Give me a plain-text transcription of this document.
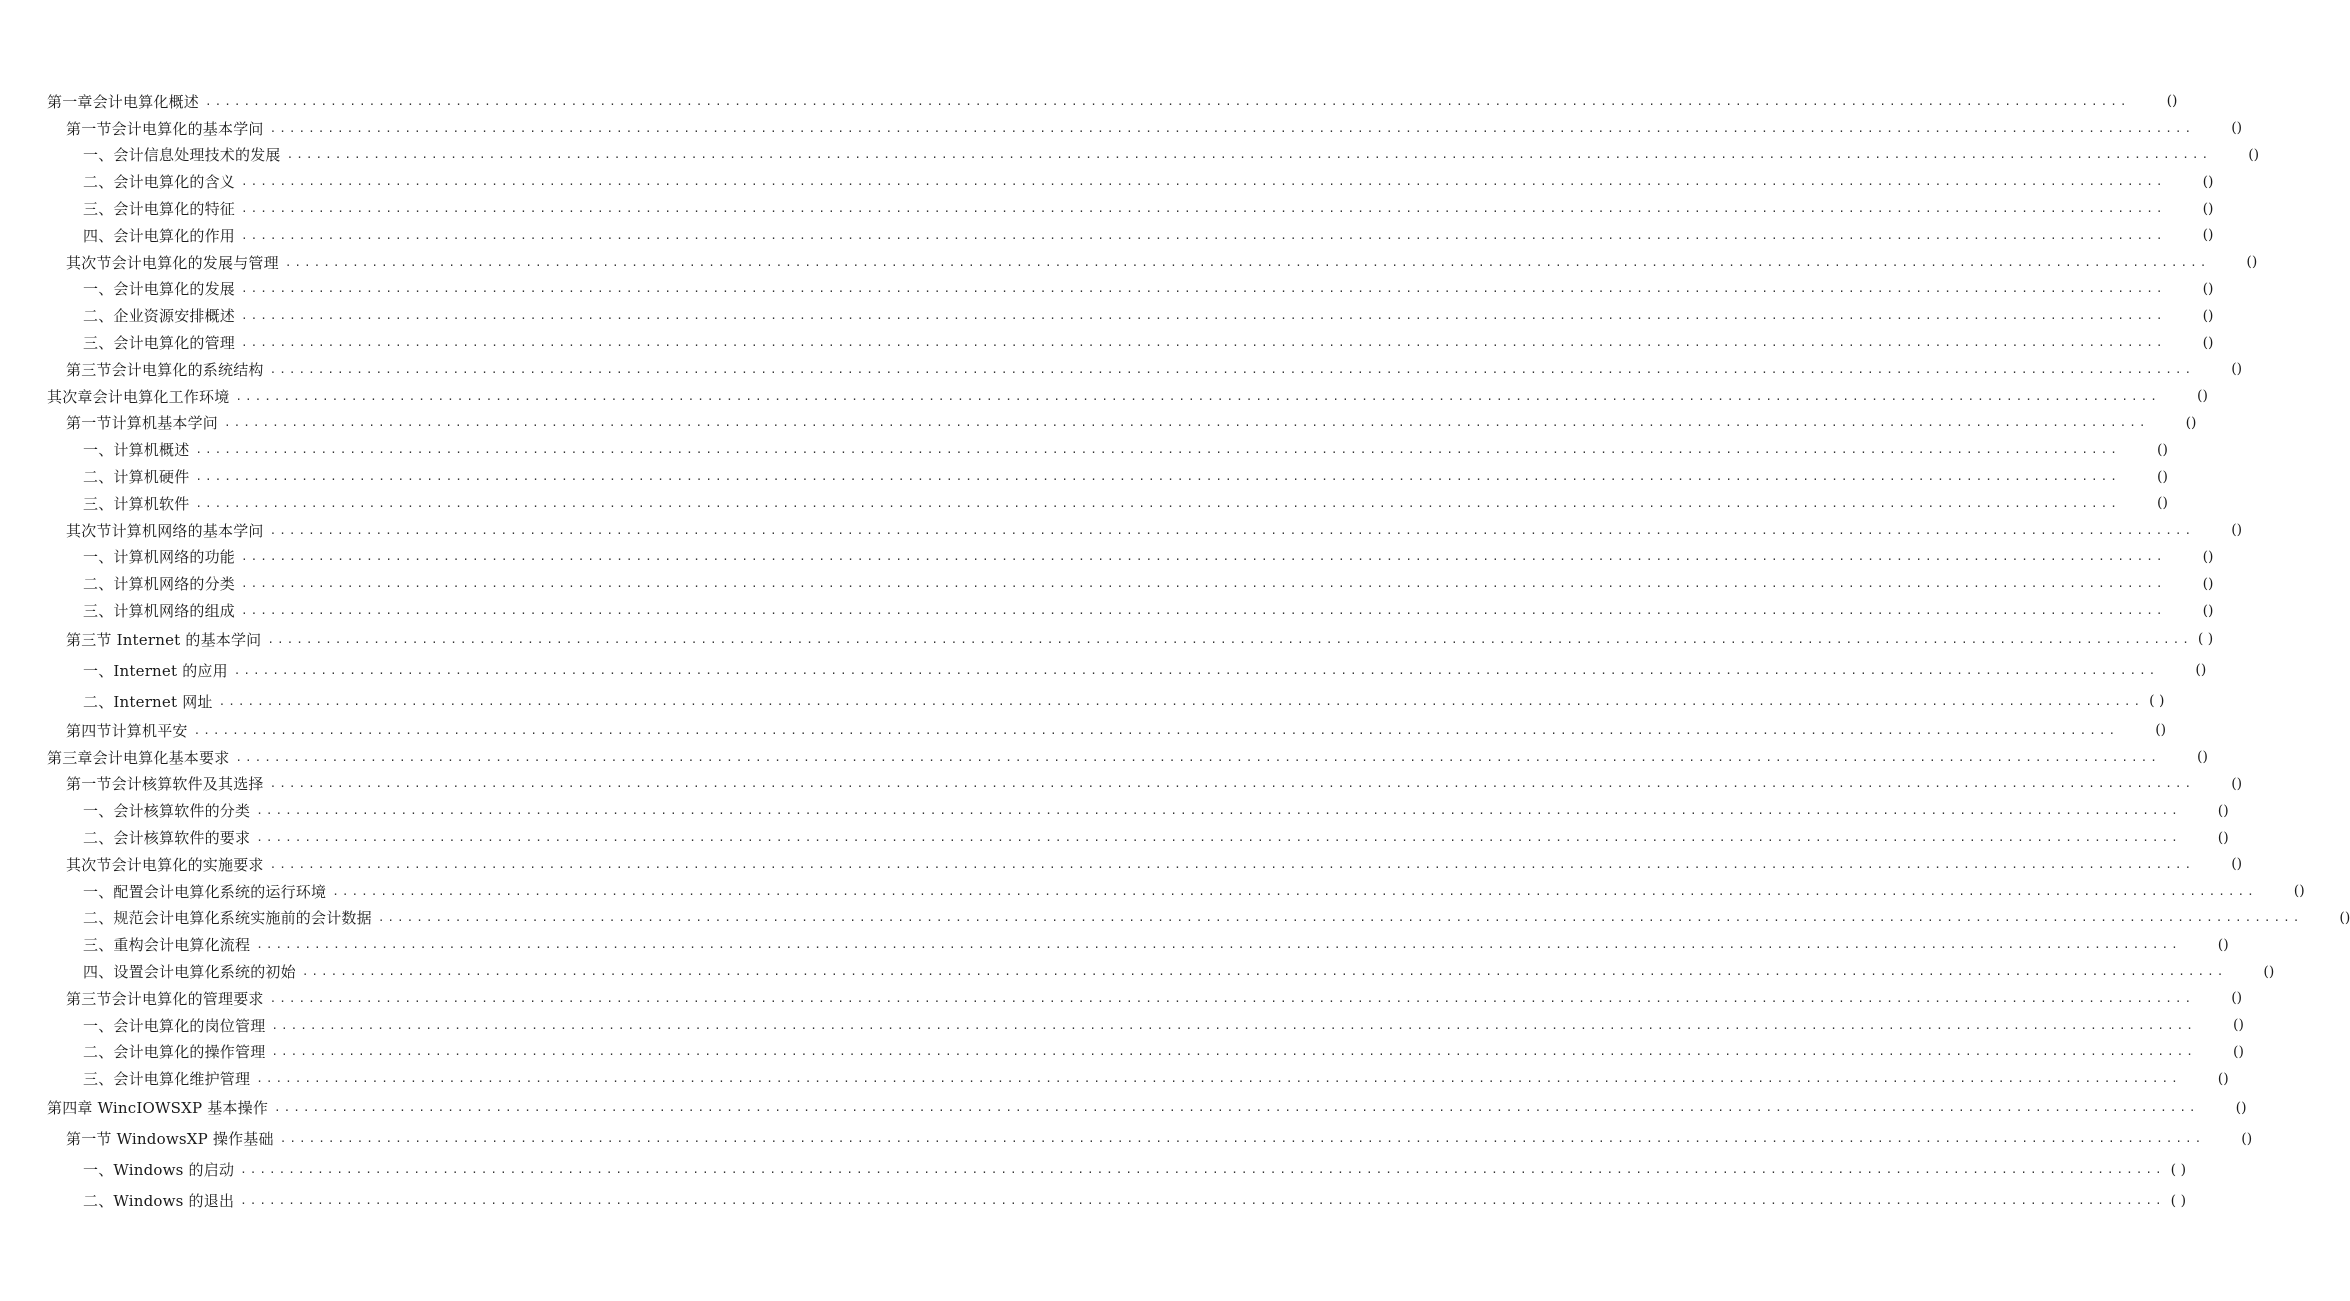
第一章会计电算化概述 ........................................................................................................................................................................................................	()
第一节会计电算化的基本学问 ........................................................................................................................................................................................................	()
一、会计信息处理技术的发展 ........................................................................................................................................................................................................	()
二、会计电算化的含义 ........................................................................................................................................................................................................	()
三、会计电算化的特征 ........................................................................................................................................................................................................	()
四、会计电算化的作用 ........................................................................................................................................................................................................	()
其次节会计电算化的发展与管理 ........................................................................................................................................................................................................	()
一、会计电算化的发展 ........................................................................................................................................................................................................	()
二、企业资源安排概述 ........................................................................................................................................................................................................	()
三、会计电算化的管理 ........................................................................................................................................................................................................	()
第三节会计电算化的系统结构 ........................................................................................................................................................................................................	()
其次章会计电算化工作环境 ........................................................................................................................................................................................................	()
第一节计算机基本学问 ........................................................................................................................................................................................................	()
一、计算机概述 ........................................................................................................................................................................................................	()
二、计算机硬件 ........................................................................................................................................................................................................	()
三、计算机软件 ........................................................................................................................................................................................................	()
其次节计算机网络的基本学问 ........................................................................................................................................................................................................	()
一、计算机网络的功能 ........................................................................................................................................................................................................	()
二、计算机网络的分类 ........................................................................................................................................................................................................	()
三、计算机网络的组成 ........................................................................................................................................................................................................	()
第三节 Internet 的基本学问 ........................................................................................................................................................................................................ ( )
一、Internet 的应用 ........................................................................................................................................................................................................	()
二、Internet 网址 ........................................................................................................................................................................................................ ( )
第四节计算机平安 ........................................................................................................................................................................................................	()
第三章会计电算化基本要求 ........................................................................................................................................................................................................	()
第一节会计核算软件及其选择 ........................................................................................................................................................................................................	()
一、会计核算软件的分类 ........................................................................................................................................................................................................	()
二、会计核算软件的要求 ........................................................................................................................................................................................................	()
其次节会计电算化的实施要求 ........................................................................................................................................................................................................	()
一、配置会计电算化系统的运行环境 ........................................................................................................................................................................................................	()
二、规范会计电算化系统实施前的会计数据 ........................................................................................................................................................................................................	()
三、重构会计电算化流程 ........................................................................................................................................................................................................	()
四、设置会计电算化系统的初始 ........................................................................................................................................................................................................	()
第三节会计电算化的管理要求 ........................................................................................................................................................................................................	()
一、会计电算化的岗位管理 ........................................................................................................................................................................................................	()
二、会计电算化的操作管理 ........................................................................................................................................................................................................	()
三、会计电算化维护管理 ........................................................................................................................................................................................................	()
第四章 WincIOWSXP 基本操作 ........................................................................................................................................................................................................	()
第一节 WindowsXP 操作基础 ........................................................................................................................................................................................................	()
一、Windows 的启动 ........................................................................................................................................................................................................ ( )
二、Windows 的退出 ........................................................................................................................................................................................................ ( )
